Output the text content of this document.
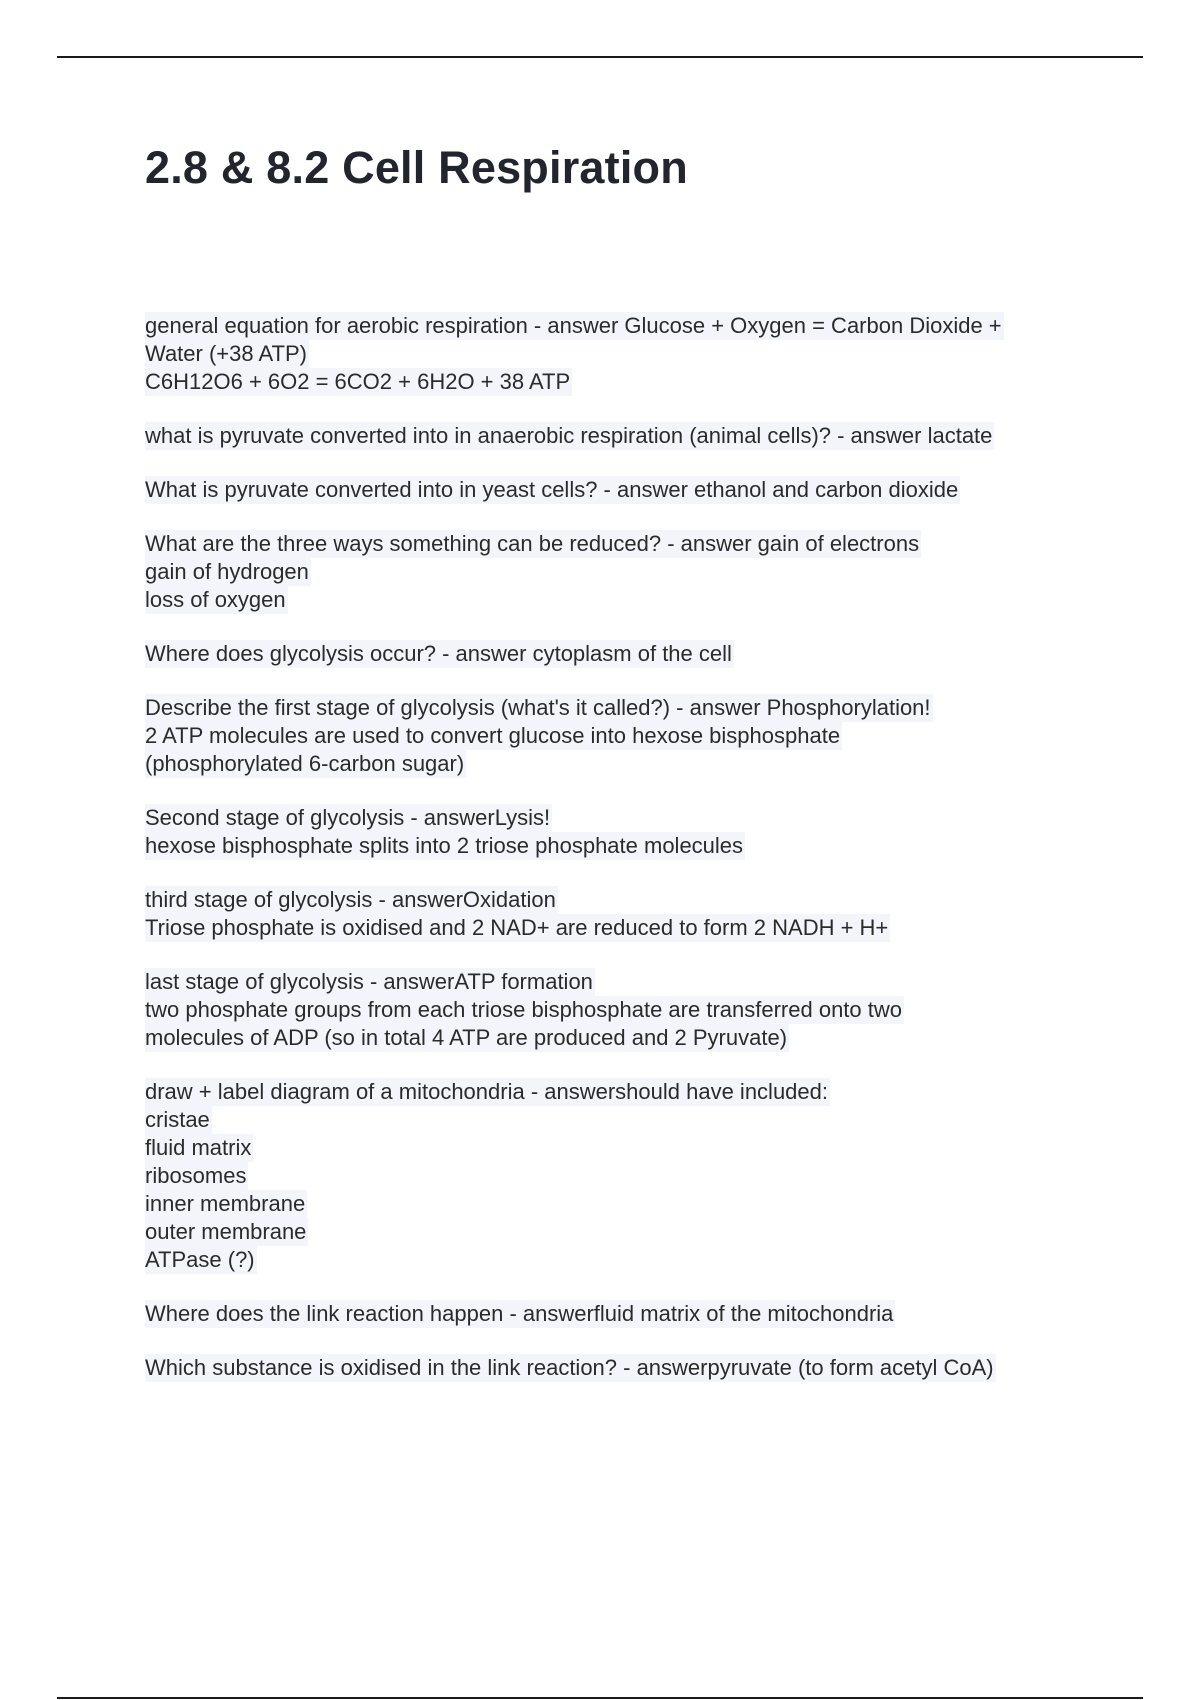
2.8 & 8.2 Cell Respiration
general equation for aerobic respiration - answer Glucose + Oxygen = Carbon Dioxide +
Water (+38 ATP)
C6H12O6 + 6O2 = 6CO2 + 6H2O + 38 ATP
what is pyruvate converted into in anaerobic respiration (animal cells)? - answer lactate
What is pyruvate converted into in yeast cells? - answer ethanol and carbon dioxide
What are the three ways something can be reduced? - answer gain of electrons
gain of hydrogen
loss of oxygen
Where does glycolysis occur? - answer cytoplasm of the cell
Describe the first stage of glycolysis (what's it called?) - answer Phosphorylation!
2 ATP molecules are used to convert glucose into hexose bisphosphate
(phosphorylated 6-carbon sugar)
Second stage of glycolysis - answerLysis!
hexose bisphosphate splits into 2 triose phosphate molecules
third stage of glycolysis - answerOxidation
Triose phosphate is oxidised and 2 NAD+ are reduced to form 2 NADH + H+
last stage of glycolysis - answerATP formation
two phosphate groups from each triose bisphosphate are transferred onto two
molecules of ADP (so in total 4 ATP are produced and 2 Pyruvate)
draw + label diagram of a mitochondria - answershould have included:
cristae
fluid matrix
ribosomes
inner membrane
outer membrane
ATPase (?)
Where does the link reaction happen - answerfluid matrix of the mitochondria
Which substance is oxidised in the link reaction? - answerpyruvate (to form acetyl CoA)
